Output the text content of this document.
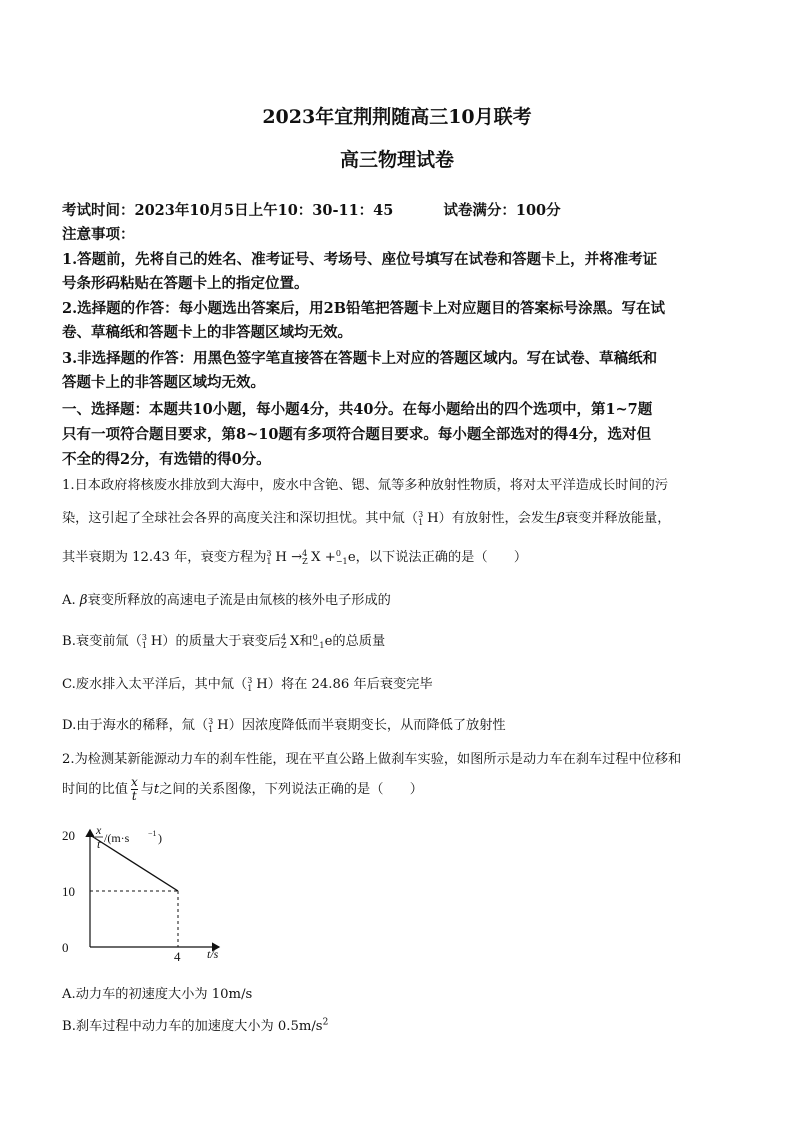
2023年宜荆荆随高三10月联考
高三物理试卷
考试时间：2023年10月5日上午10：30-11：45	试卷满分：100分
注意事项：
1.答题前，先将自己的姓名、准考证号、考场号、座位号填写在试卷和答题卡上，并将准考证
号条形码粘贴在答题卡上的指定位置。
2.选择题的作答：每小题选出答案后，用2B铅笔把答题卡上对应题目的答案标号涂黑。写在试
卷、草稿纸和答题卡上的非答题区域均无效。
3.非选择题的作答：用黑色签字笔直接答在答题卡上对应的答题区域内。写在试卷、草稿纸和
答题卡上的非答题区域均无效。
一、选择题：本题共10小题，每小题4分，共40分。在每小题给出的四个选项中，第1~7题
只有一项符合题目要求，第8~10题有多项符合题目要求。每小题全部选对的得4分，选对但
不全的得2分，有选错的得0分。
1.日本政府将核废水排放到大海中，废水中含铯、锶、氚等多种放射性物质，将对太平洋造成长时间的污
染，这引起了全球社会各界的高度关注和深切担忧。其中氚（ 3
1 H）有放射性，会发生β衰变并释放能量，
其半衰期为 12.43 年，衰变方程为 3
1 H → 4
Z X + 0
−1 e，以下说法正确的是（　　）
A. β衰变所释放的高速电子流是由氚核的核外电子形成的
B.衰变前氚（ 3
1 H）的质量大于衰变后 4
Z X和 0
−1 e的总质量
C.废水排入太平洋后，其中氚（ 3
1 H）将在 24.86 年后衰变完毕
D.由于海水的稀释，氚（ 3
1 H）因浓度降低而半衰期变长，从而降低了放射性
2.为检测某新能源动力车的刹车性能，现在平直公路上做刹车实验，如图所示是动力车在刹车过程中位移和
时间的比值 $\frac{x}{t}$ 与t之间的关系图像，下列说法正确的是（　　）
x
t /(m·s −1 )
t/s
20
10
0
4
A.动力车的初速度大小为 10m/s
B.刹车过程中动力车的加速度大小为 $0.5m/s^2$
